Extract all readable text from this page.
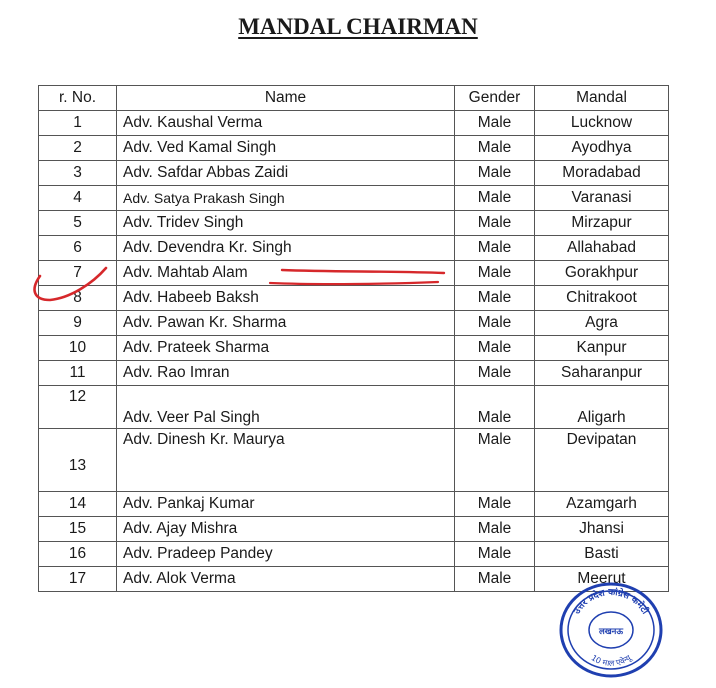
MANDAL CHAIRMAN
r. No.	Name	Gender	Mandal
1	Adv. Kaushal Verma	Male	Lucknow
2	Adv. Ved Kamal Singh	Male	Ayodhya
3	Adv. Safdar Abbas Zaidi	Male	Moradabad
4	Adv. Satya Prakash Singh	Male	Varanasi
5	Adv. Tridev Singh	Male	Mirzapur
6	Adv. Devendra Kr. Singh	Male	Allahabad
7	Adv. Mahtab Alam	Male	Gorakhpur
8	Adv. Habeeb Baksh	Male	Chitrakoot
9	Adv. Pawan Kr. Sharma	Male	Agra
10	Adv. Prateek Sharma	Male	Kanpur
11	Adv. Rao Imran	Male	Saharanpur
12	Adv. Veer Pal Singh	Male	Aligarh
13	Adv. Dinesh Kr. Maurya	Male	Devipatan
14	Adv. Pankaj Kumar	Male	Azamgarh
15	Adv. Ajay Mishra	Male	Jhansi
16	Adv. Pradeep Pandey	Male	Basti
17	Adv. Alok Verma	Male	Meerut
उत्तर प्रदेश कांग्रेस कमेटी
लखनऊ
10 माल एवेन्यू
